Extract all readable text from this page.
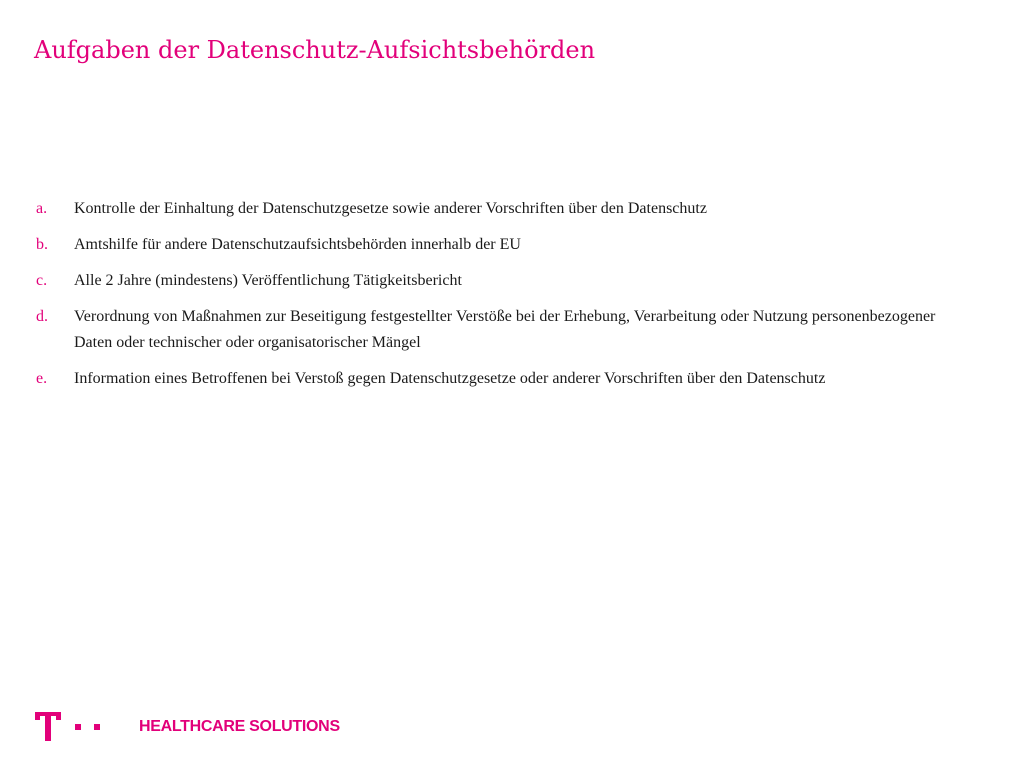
Aufgaben der Datenschutz-Aufsichtsbehörden
a. Kontrolle der Einhaltung der Datenschutzgesetze sowie anderer Vorschriften über den Datenschutz
b. Amtshilfe für andere Datenschutzaufsichtsbehörden innerhalb der EU
c. Alle 2 Jahre (mindestens) Veröffentlichung Tätigkeitsbericht
d. Verordnung von Maßnahmen zur Beseitigung festgestellter Verstöße bei der Erhebung, Verarbeitung oder Nutzung personenbezogener Daten oder technischer oder organisatorischer Mängel
e. Information eines Betroffenen bei Verstoß gegen Datenschutzgesetze oder anderer Vorschriften über den Datenschutz
HEALTHCARE SOLUTIONS
